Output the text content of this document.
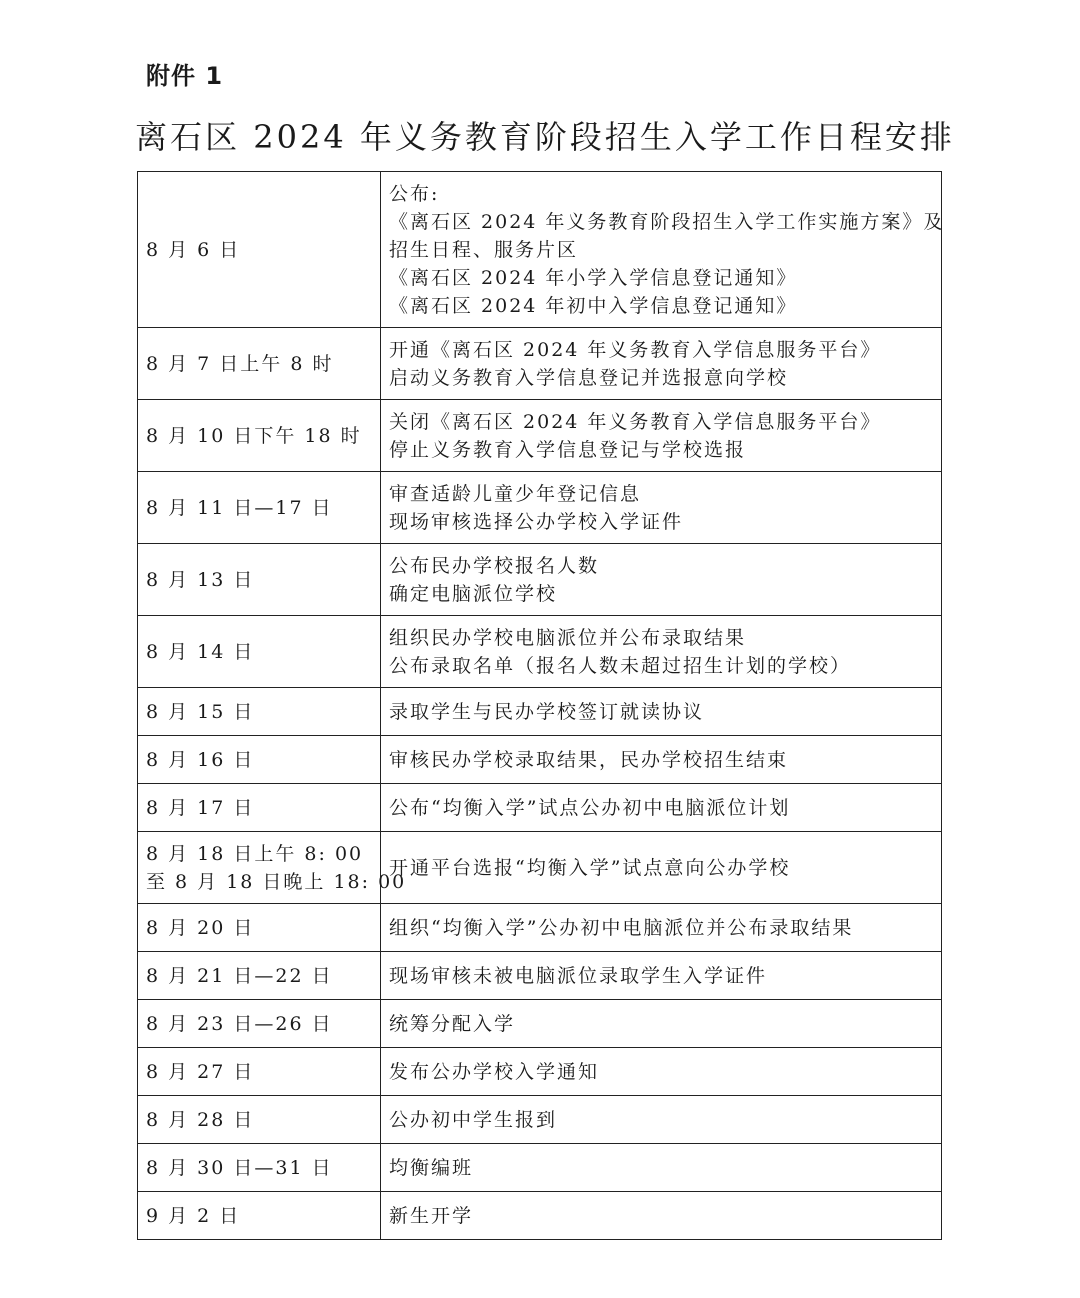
附件 1
离石区 2024 年义务教育阶段招生入学工作日程安排
8 月 6 日	公布:
《离石区 2024 年义务教育阶段招生入学工作实施方案》及
招生日程、服务片区
《离石区 2024 年小学入学信息登记通知》
《离石区 2024 年初中入学信息登记通知》

8 月 7 日上午 8 时	开通《离石区 2024 年义务教育入学信息服务平台》
启动义务教育入学信息登记并选报意向学校

8 月 10 日下午 18 时	关闭《离石区 2024 年义务教育入学信息服务平台》
停止义务教育入学信息登记与学校选报

8 月 11 日—17 日	审查适龄儿童少年登记信息
现场审核选择公办学校入学证件

8 月 13 日	公布民办学校报名人数
确定电脑派位学校

8 月 14 日	组织民办学校电脑派位并公布录取结果
公布录取名单（报名人数未超过招生计划的学校）

8 月 15 日	录取学生与民办学校签订就读协议

8 月 16 日	审核民办学校录取结果，民办学校招生结束

8 月 17 日	公布“均衡入学”试点公办初中电脑派位计划

8 月 18 日上午 8: 00
至 8 月 18 日晚上 18: 00	开通平台选报“均衡入学”试点意向公办学校

8 月 20 日	组织“均衡入学”公办初中电脑派位并公布录取结果

8 月 21 日—22 日	现场审核未被电脑派位录取学生入学证件

8 月 23 日—26 日	统筹分配入学

8 月 27 日	发布公办学校入学通知

8 月 28 日	公办初中学生报到

8 月 30 日—31 日	均衡编班

9 月 2 日	新生开学
